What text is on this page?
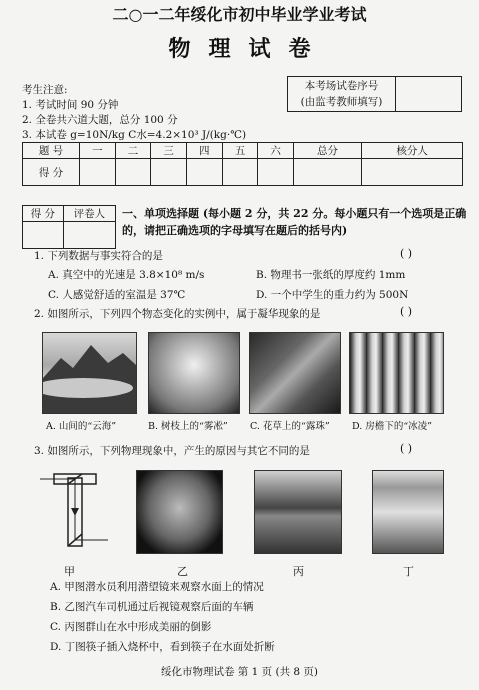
二○一二年绥化市初中毕业学业考试
物理试卷
考生注意:
1. 考试时间 90 分钟
2. 全卷共六道大题，总分 100 分
3. 本试卷 g=10N/kg C水=4.2×10³ J/(kg·℃)
本考场试卷序号
(由监考教师填写)
题 号	一	二	三	四	五	六	总分	核分人
得 分								
得 分	评卷人
	一、单项选择题 (每小题 2 分，共 22 分。每小题只有一个选项是正确的，请把正确选项的字母填写在题后的括号内)
1. 下列数据与事实符合的是	( )
A. 真空中的光速是 3.8×10⁸ m/s	B. 物理书一张纸的厚度约 1mm
C. 人感觉舒适的室温是 37℃	D. 一个中学生的重力约为 500N
2. 如图所示，下列四个物态变化的实例中，属于凝华现象的是	( )
A. 山间的“云海”	B. 树枝上的“雾凇” C. 花草上的“露珠” D. 房檐下的“冰凌”
3. 如图所示，下列物理现象中，产生的原因与其它不同的是	( )
甲	乙	丙	丁
A. 甲图潜水员利用潜望镜来观察水面上的情况
B. 乙图汽车司机通过后视镜观察后面的车辆
C. 丙图群山在水中形成美丽的倒影
D. 丁图筷子插入烧杯中，看到筷子在水面处折断
绥化市物理试卷 第 1 页 (共 8 页)
